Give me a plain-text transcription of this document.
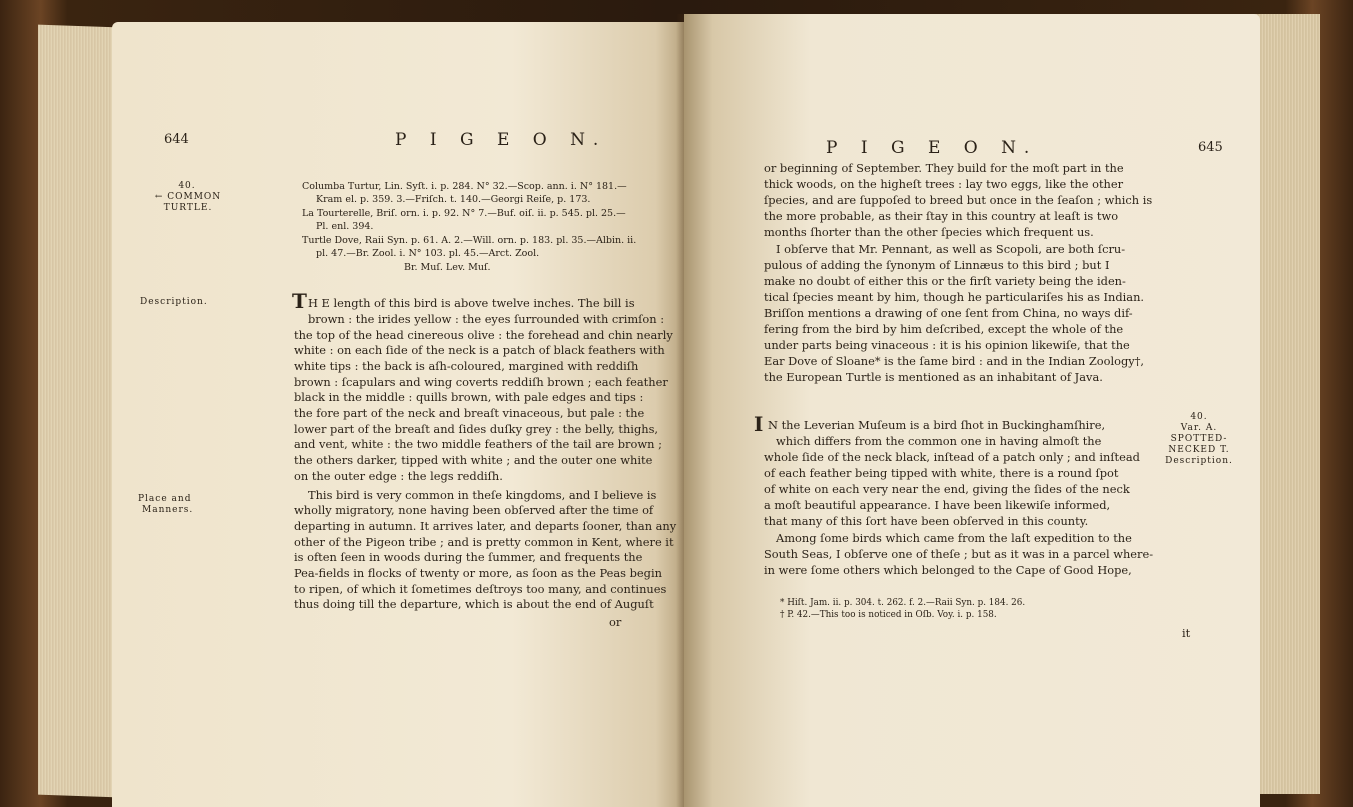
644	P I G E O N.
40.
← COMMON
TURTLE.
Columba Turtur, Lin. Syſt. i. p. 284. N° 32.—Scop. ann. i. N° 181.—
Kram el. p. 359. 3.—Friſch. t. 140.—Georgi Reiſe, p. 173.
La Tourterelle, Briſ. orn. i. p. 92. N° 7.—Buf. oiſ. ii. p. 545. pl. 25.—
Pl. enl. 394.
Turtle Dove, Raii Syn. p. 61. A. 2.—Will. orn. p. 183. pl. 35.—Albin. ii.
pl. 47.—Br. Zool. i. N° 103. pl. 45.—Arct. Zool.
Br. Muſ. Lev. Muſ.
Description.	T H E length of this bird is above twelve inches. The bill is
brown : the irides yellow : the eyes ſurrounded with crimſon :
the top of the head cinereous olive : the forehead and chin nearly
white : on each ſide of the neck is a patch of black feathers with
white tips : the back is aſh-coloured, margined with reddiſh
brown : ſcapulars and wing coverts reddiſh brown ; each feather
black in the middle : quills brown, with pale edges and tips :
the fore part of the neck and breaſt vinaceous, but pale : the
lower part of the breaſt and ſides duſky grey : the belly, thighs,
and vent, white : the two middle feathers of the tail are brown ;
the others darker, tipped with white ; and the outer one white
on the outer edge : the legs reddiſh.
Place and
Manners.
This bird is very common in theſe kingdoms, and I believe is
wholly migratory, none having been obſerved after the time of
departing in autumn. It arrives later, and departs ſooner, than any
other of the Pigeon tribe ; and is pretty common in Kent, where it
is often ſeen in woods during the ſummer, and frequents the
Pea-fields in flocks of twenty or more, as ſoon as the Peas begin
to ripen, of which it ſometimes deſtroys too many, and continues
thus doing till the departure, which is about the end of Auguſt
or
P I G E O N.	645
or beginning of September. They build for the moſt part in the
thick woods, on the higheſt trees : lay two eggs, like the other
ſpecies, and are ſuppoſed to breed but once in the ſeaſon ; which is
the more probable, as their ſtay in this country at leaſt is two
months ſhorter than the other ſpecies which frequent us.
I obſerve that Mr. Pennant, as well as Scopoli, are both ſcru-
pulous of adding the ſynonym of Linnæus to this bird ; but I
make no doubt of either this or the firſt variety being the iden-
tical ſpecies meant by him, though he particulariſes his as Indian.
Briſſon mentions a drawing of one ſent from China, no ways dif-
fering from the bird by him deſcribed, except the whole of the
under parts being vinaceous : it is his opinion likewiſe, that the
Ear Dove of Sloane* is the ſame bird : and in the Indian Zoology†,
the European Turtle is mentioned as an inhabitant of Java.
40.
Var. A.
SPOTTED-
NECKED T.
Description.
I N the Leverian Muſeum is a bird ſhot in Buckinghamſhire,
which differs from the common one in having almoſt the
whole ſide of the neck black, inſtead of a patch only ; and inſtead
of each feather being tipped with white, there is a round ſpot
of white on each very near the end, giving the ſides of the neck
a moſt beautiful appearance. I have been likewiſe informed,
that many of this ſort have been obſerved in this county.
Among ſome birds which came from the laſt expedition to the
South Seas, I obſerve one of theſe ; but as it was in a parcel where-
in were ſome others which belonged to the Cape of Good Hope,
* Hiſt. Jam. ii. p. 304. t. 262. f. 2.—Raii Syn. p. 184. 26.
† P. 42.—This too is noticed in Oſb. Voy. i. p. 158.
it
